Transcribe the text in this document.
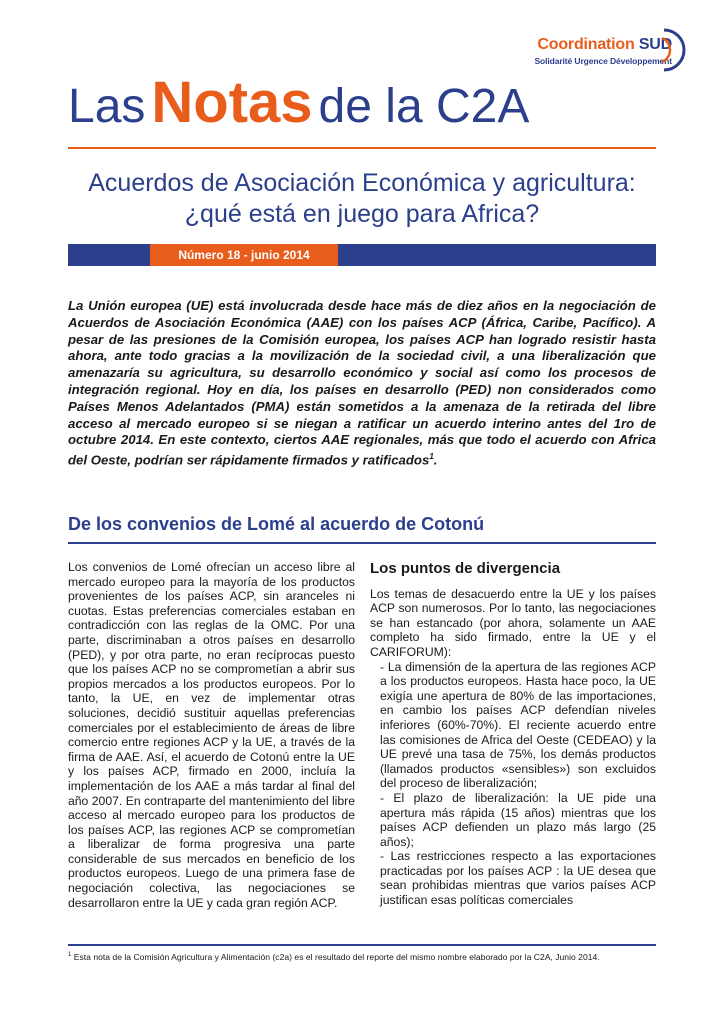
Coordination SUD
Solidarité Urgence Développement
Las Notas de la C2A
Acuerdos de Asociación Económica y agricultura:
¿qué está en juego para Africa?
Número 18 - junio 2014
La Unión europea (UE) está involucrada desde hace más de diez años en la negociación de Acuerdos de Asociación Económica (AAE) con los países ACP (África, Caribe, Pacífico). A pesar de las presiones de la Comisión europea, los países ACP han logrado resistir hasta ahora, ante todo gracias a la movilización de la sociedad civil, a una liberalización que amenazaría su agricultura, su desarrollo económico y social así como los procesos de integración regional. Hoy en día, los países en desarrollo (PED) non considerados como Países Menos Adelantados (PMA) están sometidos a la amenaza de la retirada del libre acceso al mercado europeo si se niegan a ratificar un acuerdo interino antes del 1ro de octubre 2014. En este contexto, ciertos AAE regionales, más que todo el acuerdo con Africa del Oeste, podrían ser rápidamente firmados y ratificados$^1$.
De los convenios de Lomé al acuerdo de Cotonú
Los convenios de Lomé ofrecían un acceso libre al mercado europeo para la mayoría de los productos provenientes de los países ACP, sin aranceles ni cuotas. Estas preferencias comerciales estaban en contradicción con las reglas de la OMC. Por una parte, discriminaban a otros países en desarrollo (PED), y por otra parte, no eran recíprocas puesto que los países ACP no se comprometían a abrir sus propios mercados a los productos europeos. Por lo tanto, la UE, en vez de implementar otras soluciones, decidió sustituir aquellas preferencias comerciales por el establecimiento de áreas de libre comercio entre regiones ACP y la UE, a través de la firma de AAE. Así, el acuerdo de Cotonú entre la UE y los países ACP, firmado en 2000, incluía la implementación de los AAE a más tardar al final del año 2007. En contraparte del mantenimiento del libre acceso al mercado europeo para los productos de los países ACP, las regiones ACP se comprometían a liberalizar de forma progresiva una parte considerable de sus mercados en beneficio de los productos europeos. Luego de una primera fase de negociación colectiva, las negociaciones se desarrollaron entre la UE y cada gran región ACP.
Los puntos de divergencia

Los temas de desacuerdo entre la UE y los países ACP son numerosos. Por lo tanto, las negociaciones se han estancado (por ahora, solamente un AAE completo ha sido firmado, entre la UE y el CARIFORUM):

- La dimensión de la apertura de las regiones ACP a los productos europeos. Hasta hace poco, la UE exigía une apertura de 80% de las importaciones, en cambio los países ACP defendían niveles inferiores (60%-70%). El reciente acuerdo entre las comisiones de Africa del Oeste (CEDEAO) y la UE prevé una tasa de 75%, los demás productos (llamados productos «sensibles») son excluidos del proceso de liberalización;
- El plazo de liberalización: la UE pide una apertura más rápida (15 años) mientras que los países ACP defienden un plazo más largo (25 años);
- Las restricciones respecto a las exportaciones practicadas por los países ACP : la UE desea que sean prohibidas mientras que varios países ACP justifican esas políticas comerciales
$^1$ Esta nota de la Comisión Agricultura y Alimentación (c2a) es el resultado del reporte del mismo nombre elaborado por la C2A, Junio 2014.
